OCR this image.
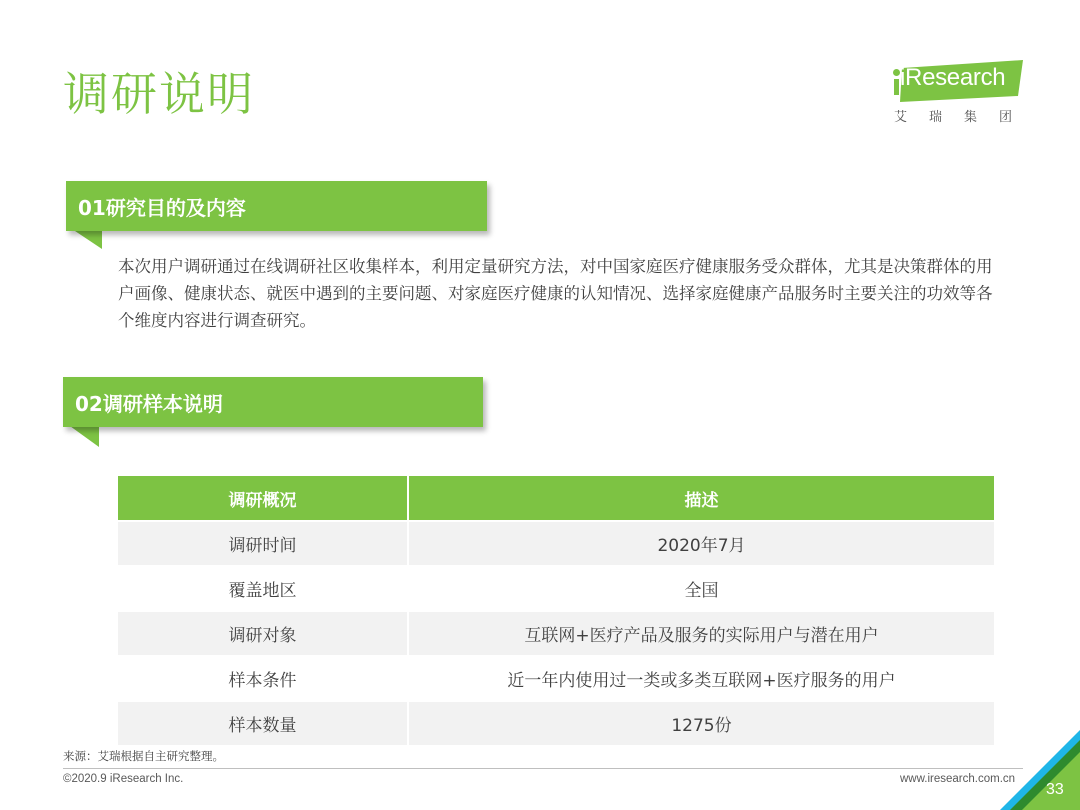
调研说明	iResearch
艾瑞集团
01研究目的及内容
本次用户调研通过在线调研社区收集样本，利用定量研究方法，对中国家庭医疗健康服务受众群体，尤其是决策群体的用户画像、健康状态、就医中遇到的主要问题、对家庭医疗健康的认知情况、选择家庭健康产品服务时主要关注的功效等各个维度内容进行调查研究。
02调研样本说明
调研概况	描述
调研时间	2020年7月
覆盖地区	全国
调研对象	互联网+医疗产品及服务的实际用户与潜在用户
样本条件	近一年内使用过一类或多类互联网+医疗服务的用户
样本数量	1275份
来源：艾瑞根据自主研究整理。
©2020.9 iResearch Inc.	www.iresearch.com.cn
33
